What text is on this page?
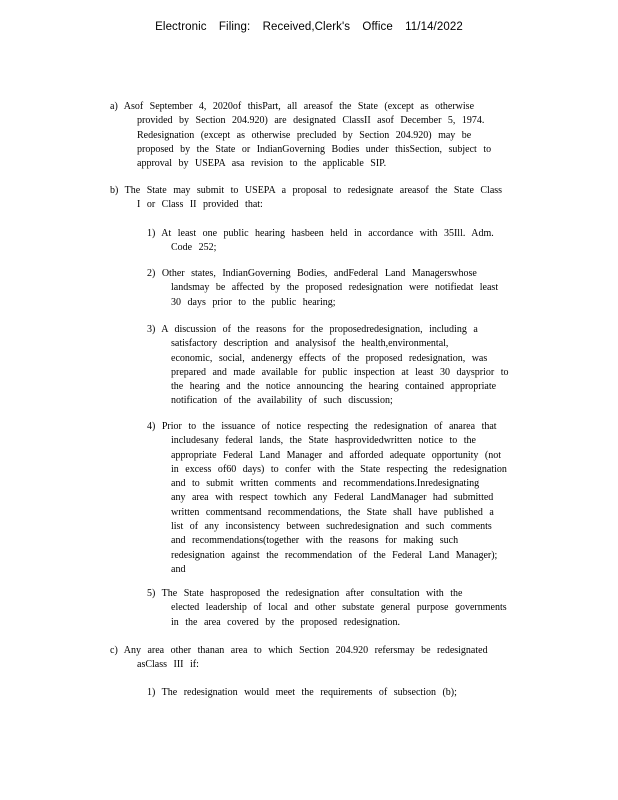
Electronic Filing: Received,Clerk's Office 11/14/2022
a) Asof September 4, 2020of thisPart, all areasof the State (except as otherwise
provided by Section 204.920) are designated ClassII asof December 5, 1974.
Redesignation (except as otherwise precluded by Section 204.920) may be
proposed by the State or IndianGoverning Bodies under thisSection, subject to
approval by USEPA asa revision to the applicable SIP.
b) The State may submit to USEPA a proposal to redesignate areasof the State Class
I or Class II provided that:
1) At least one public hearing hasbeen held in accordance with 35Ill. Adm.
Code 252;
2) Other states, IndianGoverning Bodies, andFederal Land Managerswhose
landsmay be affected by the proposed redesignation were notifiedat least
30 days prior to the public hearing;
3) A discussion of the reasons for the proposedredesignation, including a
satisfactory description and analysisof the health,environmental,
economic, social, andenergy effects of the proposed redesignation, was
prepared and made available for public inspection at least 30 daysprior to
the hearing and the notice announcing the hearing contained appropriate
notification of the availability of such discussion;
4) Prior to the issuance of notice respecting the redesignation of anarea that
includesany federal lands, the State hasprovidedwritten notice to the
appropriate Federal Land Manager and afforded adequate opportunity (not
in excess of60 days) to confer with the State respecting the redesignation
and to submit written comments and recommendations.Inredesignating
any area with respect towhich any Federal LandManager had submitted
written commentsand recommendations, the State shall have published a
list of any inconsistency between suchredesignation and such comments
and recommendations(together with the reasons for making such
redesignation against the recommendation of the Federal Land Manager);
and
5) The State hasproposed the redesignation after consultation with the
elected leadership of local and other substate general purpose governments
in the area covered by the proposed redesignation.
c) Any area other thanan area to which Section 204.920 refersmay be redesignated
asClass III if:
1) The redesignation would meet the requirements of subsection (b);
